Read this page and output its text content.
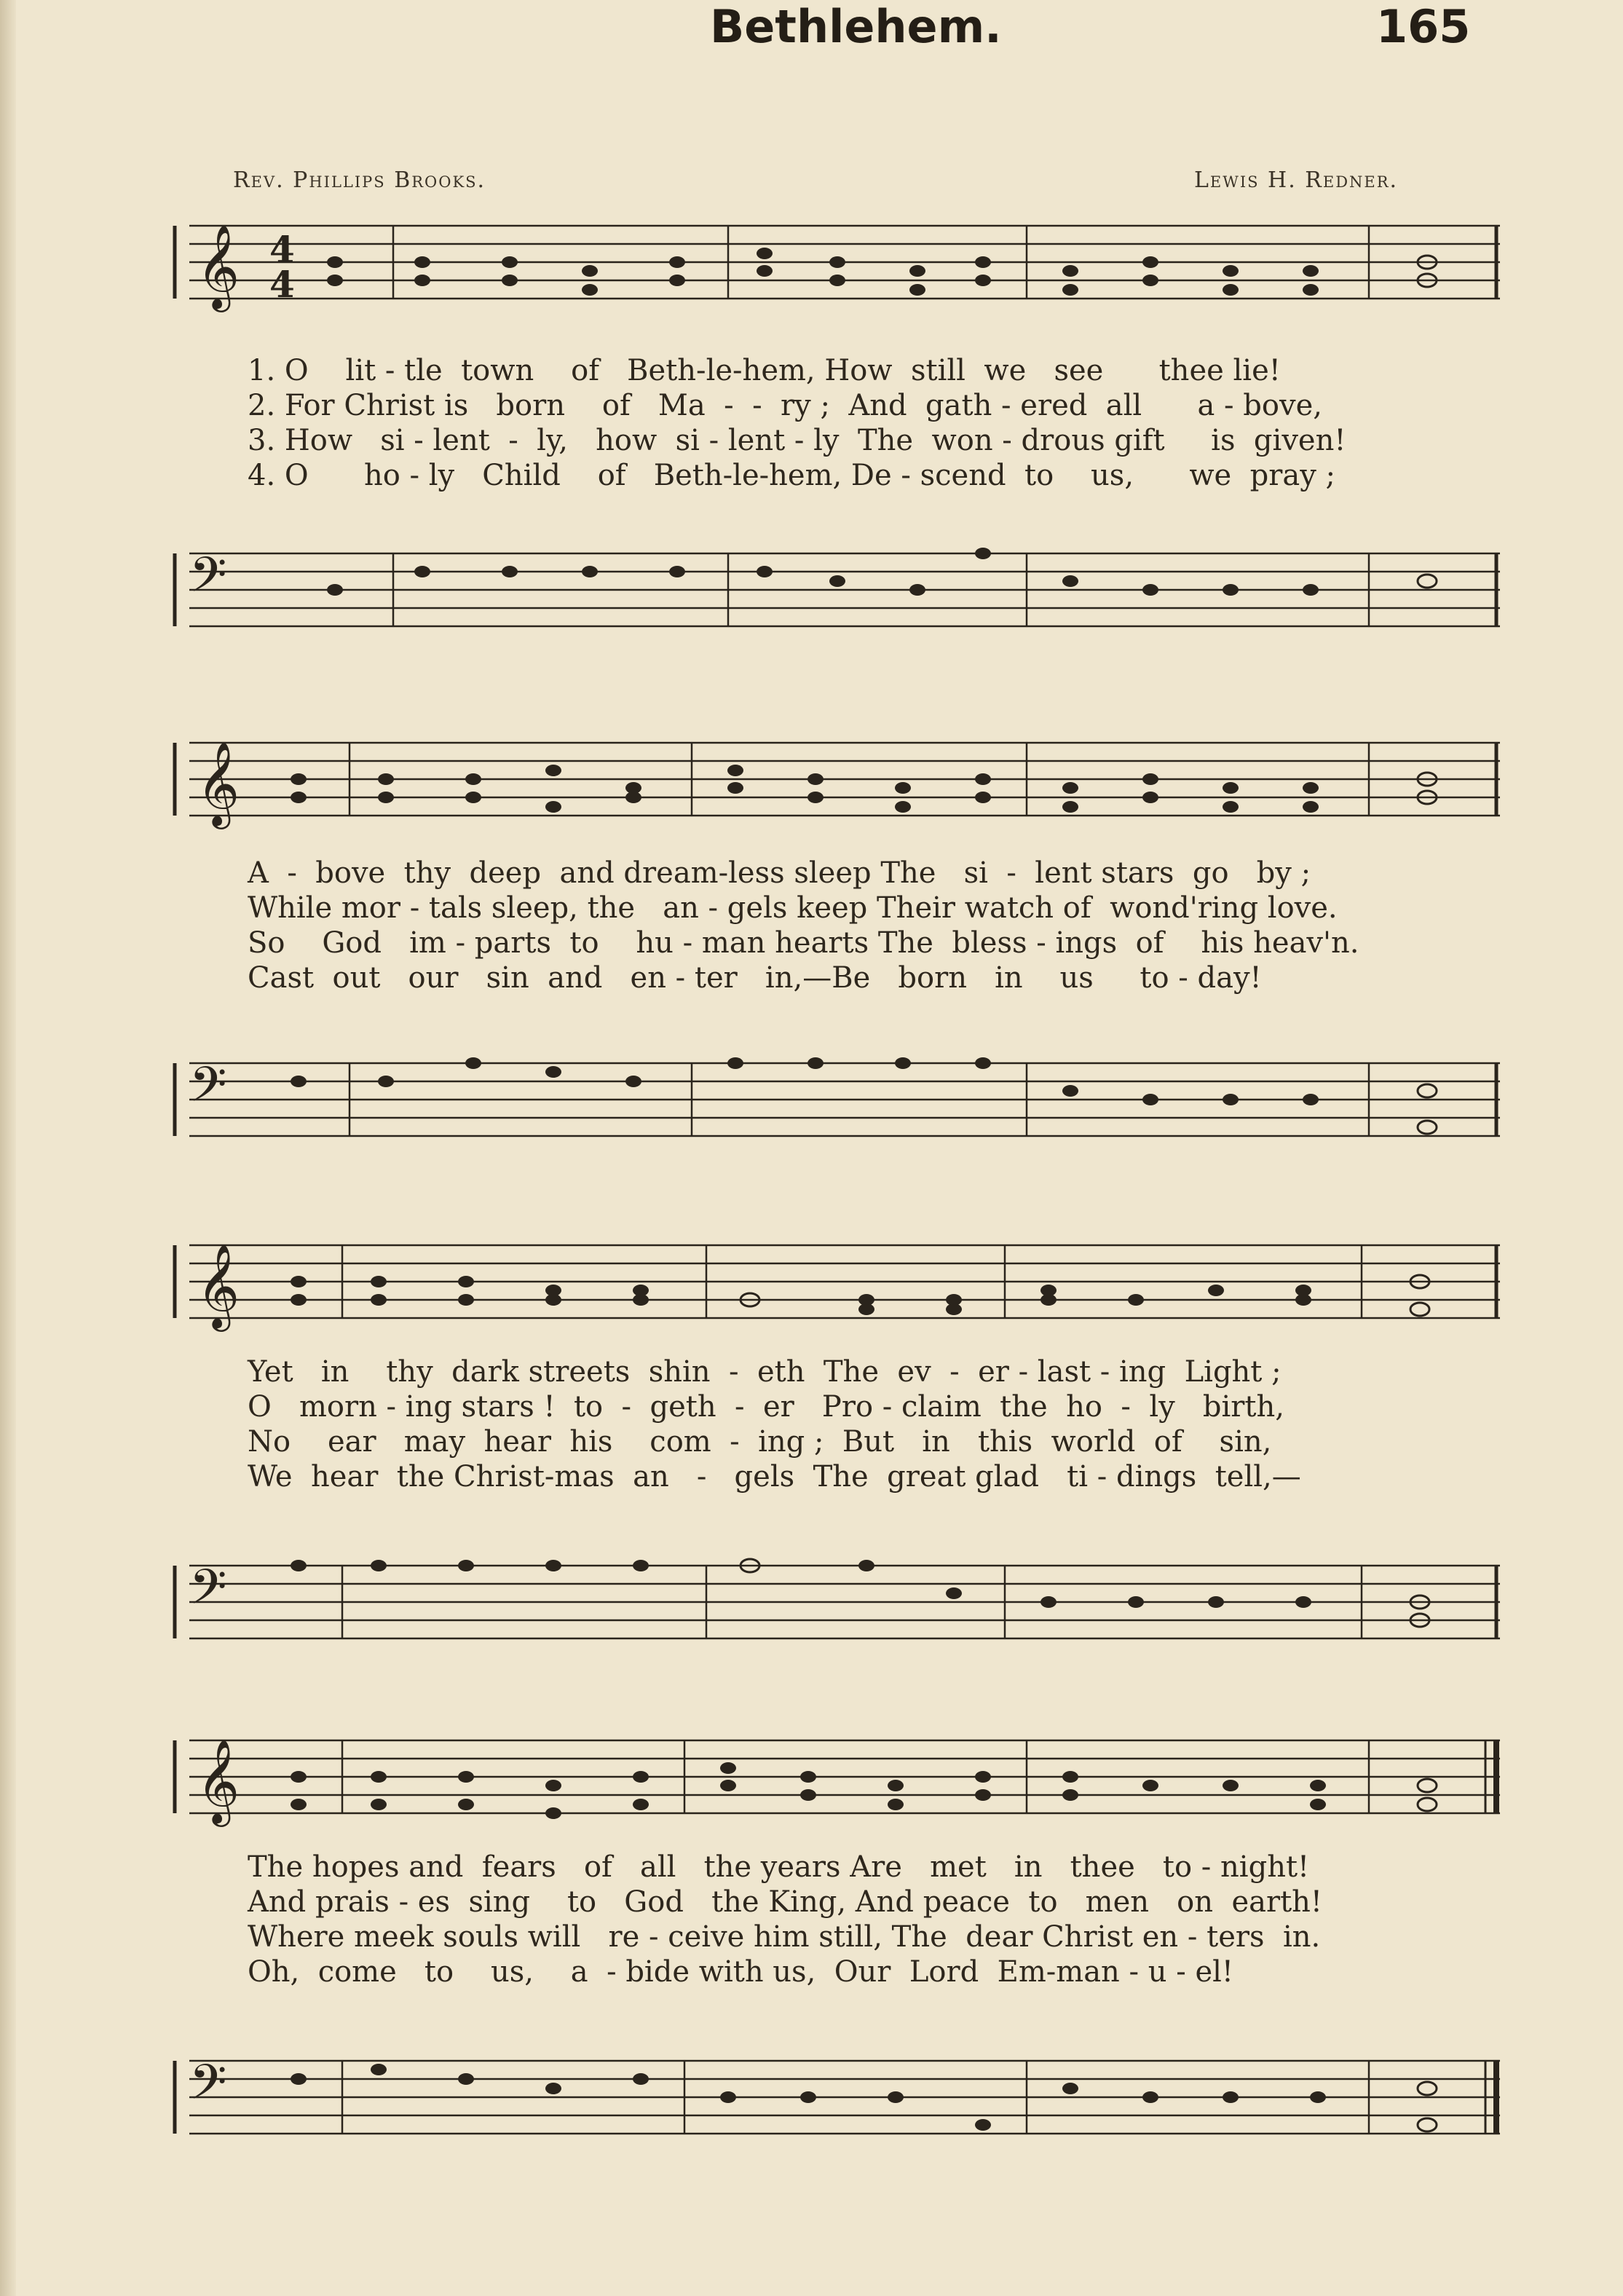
Bethlehem.	165
Rev. Phillips Brooks.	Lewis H. Redner.
𝄞 4
4
1. O    lit - tle  town    of   Beth-le-hem, How  still  we   see      thee lie!
2. For Christ is   born    of   Ma  -  -  ry ;  And  gath - ered  all      a - bove,
3. How   si - lent  -  ly,   how  si - lent - ly  The  won - drous gift     is  given!
4. O      ho - ly   Child    of   Beth-le-hem, De - scend  to    us,      we  pray ;
𝄢
𝄞
A  -  bove  thy  deep  and dream-less sleep The   si  -  lent stars  go   by ;
While mor - tals sleep, the   an - gels keep Their watch of  wond'ring love.
So    God   im - parts  to    hu - man hearts The  bless - ings  of    his heav'n.
Cast  out   our   sin  and   en - ter   in,—Be   born   in    us     to - day!
𝄢
𝄞
Yet   in    thy  dark streets  shin  -  eth  The  ev  -  er - last - ing  Light ;
O   morn - ing stars !  to  -  geth  -  er   Pro - claim  the  ho  -  ly   birth,
No    ear   may  hear  his    com  -  ing ;  But   in   this  world  of    sin,
We  hear  the Christ-mas  an   -   gels  The  great glad   ti - dings  tell,—
𝄢
𝄞
The hopes and  fears   of   all   the years Are   met   in   thee   to - night!
And prais - es  sing    to   God   the King, And peace  to   men   on  earth!
Where meek souls will   re - ceive him still, The  dear Christ en - ters  in.
Oh,  come   to    us,    a  - bide with us,  Our  Lord  Em-man - u - el!
𝄢
